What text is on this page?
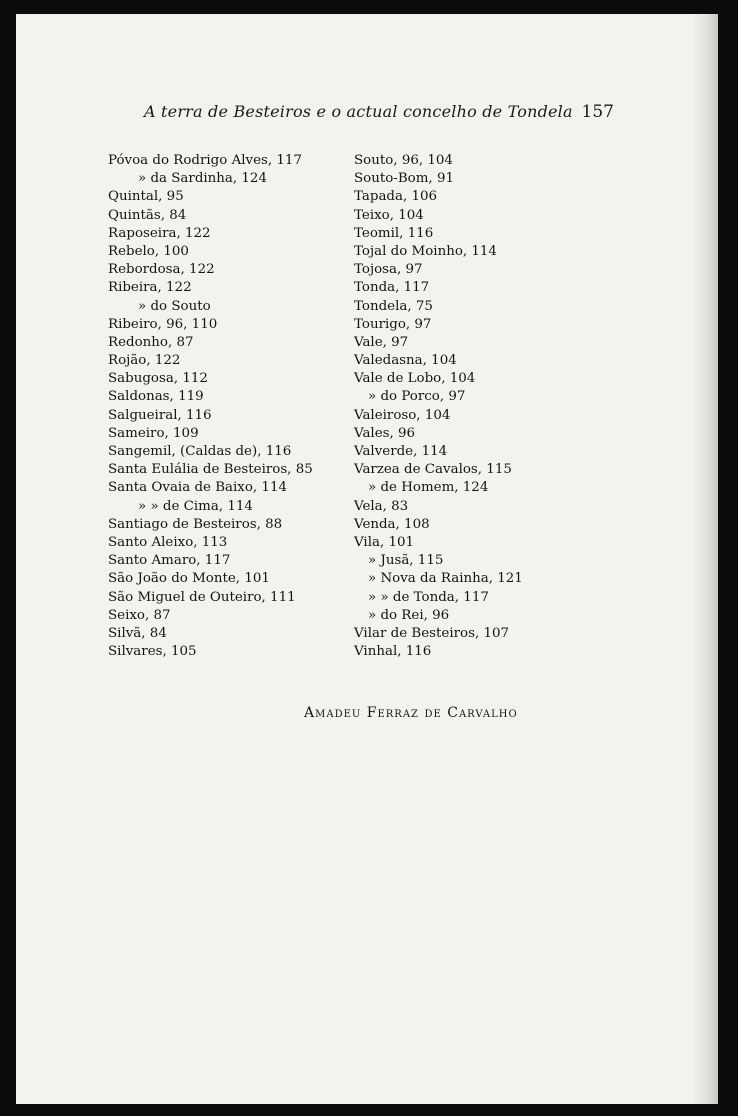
A terra de Besteiros e o actual concelho de Tondela 157
Póvoa do Rodrigo Alves, 117
» da Sardinha, 124
Quintal, 95
Quintãs, 84
Raposeira, 122
Rebelo, 100
Rebordosa, 122
Ribeira, 122
» do Souto
Ribeiro, 96, 110
Redonho, 87
Rojão, 122
Sabugosa, 112
Saldonas, 119
Salgueiral, 116
Sameiro, 109
Sangemil, (Caldas de), 116
Santa Eulália de Besteiros, 85
Santa Ovaia de Baixo, 114
» » de Cima, 114
Santiago de Besteiros, 88
Santo Aleixo, 113
Santo Amaro, 117
São João do Monte, 101
São Miguel de Outeiro, 111
Seixo, 87
Silvã, 84
Silvares, 105
Souto, 96, 104
Souto-Bom, 91
Tapada, 106
Teixo, 104
Teomil, 116
Tojal do Moinho, 114
Tojosa, 97
Tonda, 117
Tondela, 75
Tourigo, 97
Vale, 97
Valedasna, 104
Vale de Lobo, 104
» do Porco, 97
Valeiroso, 104
Vales, 96
Valverde, 114
Varzea de Cavalos, 115
» de Homem, 124
Vela, 83
Venda, 108
Vila, 101
» Jusã, 115
» Nova da Rainha, 121
» » de Tonda, 117
» do Rei, 96
Vilar de Besteiros, 107
Vinhal, 116
Amadeu Ferraz de Carvalho
